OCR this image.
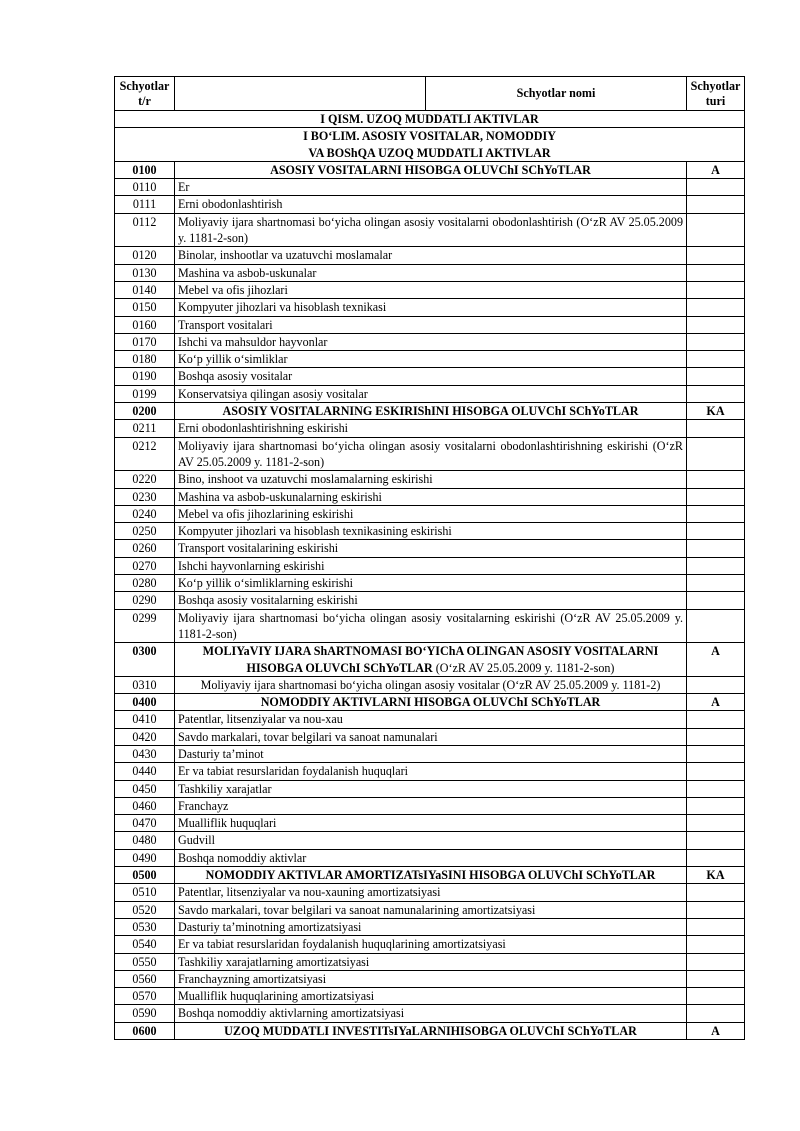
Schyotlar t/r	Schyotlar nomi	Schyotlar turi
I QISM. UZOQ MUDDATLI AKTIVLAR		
I BO‘LIM. ASOSIY VOSITALAR, NOMODDIY VA BOShQA UZOQ MUDDATLI AKTIVLAR		
0100	ASOSIY VOSITALARNI HISOBGA OLUVChI SChYoTLAR	A
0110	Er	
0111	Erni obodonlashtirish	
0112	Moliyaviy ijara shartnomasi bo‘yicha olingan asosiy vositalarni obodonlashtirish (O‘zR AV 25.05.2009 y. 1181-2-son)	
0120	Binolar, inshootlar va uzatuvchi moslamalar	
0130	Mashina va asbob-uskunalar	
0140	Mebel va ofis jihozlari	
0150	Kompyuter jihozlari va hisoblash texnikasi	
0160	Transport vositalari	
0170	Ishchi va mahsuldor hayvonlar	
0180	Ko‘p yillik o‘simliklar	
0190	Boshqa asosiy vositalar	
0199	Konservatsiya qilingan asosiy vositalar	
0200	ASOSIY VOSITALARNING ESKIRIShINI HISOBGA OLUVChI SChYoTLAR	KA
0211	Erni obodonlashtirishning eskirishi	
0212	Moliyaviy ijara shartnomasi bo‘yicha olingan asosiy vositalarni obodonlashtirishning eskirishi (O‘zR AV 25.05.2009 y. 1181-2-son)	
0220	Bino, inshoot va uzatuvchi moslamalarning eskirishi	
0230	Mashina va asbob-uskunalarning eskirishi	
0240	Mebel va ofis jihozlarining eskirishi	
0250	Kompyuter jihozlari va hisoblash texnikasining eskirishi	
0260	Transport vositalarining eskirishi	
0270	Ishchi hayvonlarning eskirishi	
0280	Ko‘p yillik o‘simliklarning eskirishi	
0290	Boshqa asosiy vositalarning eskirishi	
0299	Moliyaviy ijara shartnomasi bo‘yicha olingan asosiy vositalarning eskirishi (O‘zR AV 25.05.2009 y. 1181-2-son)	
0300	MOLIYaVIY IJARA ShARTNOMASI BO‘YIChA OLINGAN ASOSIY VOSITALARNI HISOBGA OLUVChI SChYoTLAR (O‘zR AV 25.05.2009 y. 1181-2-son)	A
0310	Moliyaviy ijara shartnomasi bo‘yicha olingan asosiy vositalar (O‘zR AV 25.05.2009 y. 1181-2)	
0400	NOMODDIY AKTIVLARNI HISOBGA OLUVChI SChYoTLAR	A
0410	Patentlar, litsenziyalar va nou-xau	
0420	Savdo markalari, tovar belgilari va sanoat namunalari	
0430	Dasturiy ta’minot	
0440	Er va tabiat resurslaridan foydalanish huquqlari	
0450	Tashkiliy xarajatlar	
0460	Franchayz	
0470	Mualliflik huquqlari	
0480	Gudvill	
0490	Boshqa nomoddiy aktivlar	
0500	NOMODDIY AKTIVLAR AMORTIZATsIYaSINI HISOBGA OLUVChI SChYoTLAR	KA
0510	Patentlar, litsenziyalar va nou-xauning amortizatsiyasi	
0520	Savdo markalari, tovar belgilari va sanoat namunalarining amortizatsiyasi	
0530	Dasturiy ta’minotning amortizatsiyasi	
0540	Er va tabiat resurslaridan foydalanish huquqlarining amortizatsiyasi	
0550	Tashkiliy xarajatlarning amortizatsiyasi	
0560	Franchayzning amortizatsiyasi	
0570	Mualliflik huquqlarining amortizatsiyasi	
0590	Boshqa nomoddiy aktivlarning amortizatsiyasi	
0600	UZOQ MUDDATLI INVESTITsIYaLARNIHISOBGA OLUVChI SChYoTLAR	A
